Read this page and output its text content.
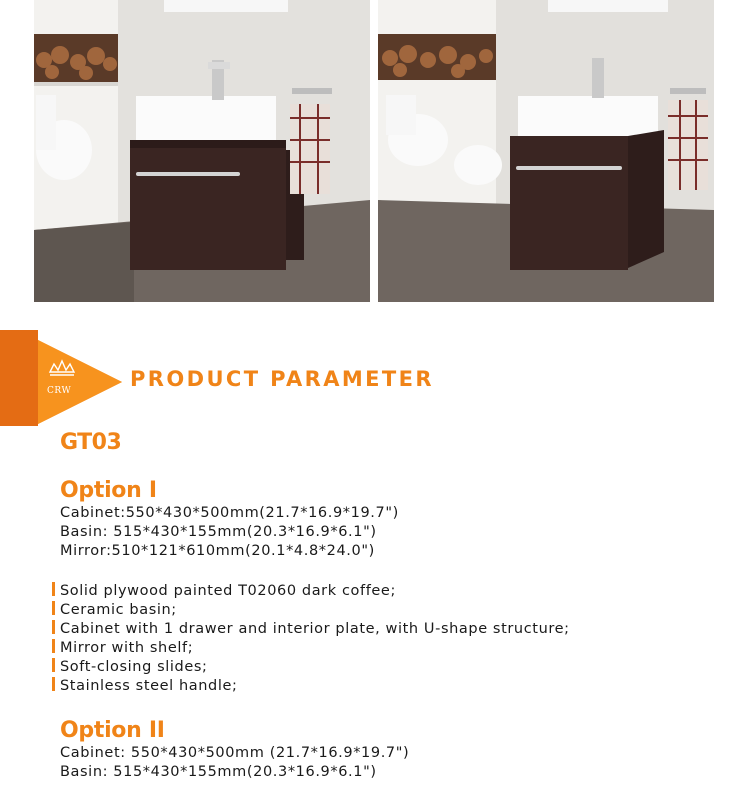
CRW	PRODUCT PARAMETER
GT03
Option I
Cabinet:550*430*500mm(21.7*16.9*19.7")
Basin: 515*430*155mm(20.3*16.9*6.1")
Mirror:510*121*610mm(20.1*4.8*24.0")
Solid plywood painted T02060 dark coffee;
Ceramic basin;
Cabinet with 1 drawer and interior plate, with U-shape structure;
Mirror with shelf;
Soft-closing slides;
Stainless steel handle;
Option II
Cabinet: 550*430*500mm (21.7*16.9*19.7")
Basin: 515*430*155mm(20.3*16.9*6.1")
